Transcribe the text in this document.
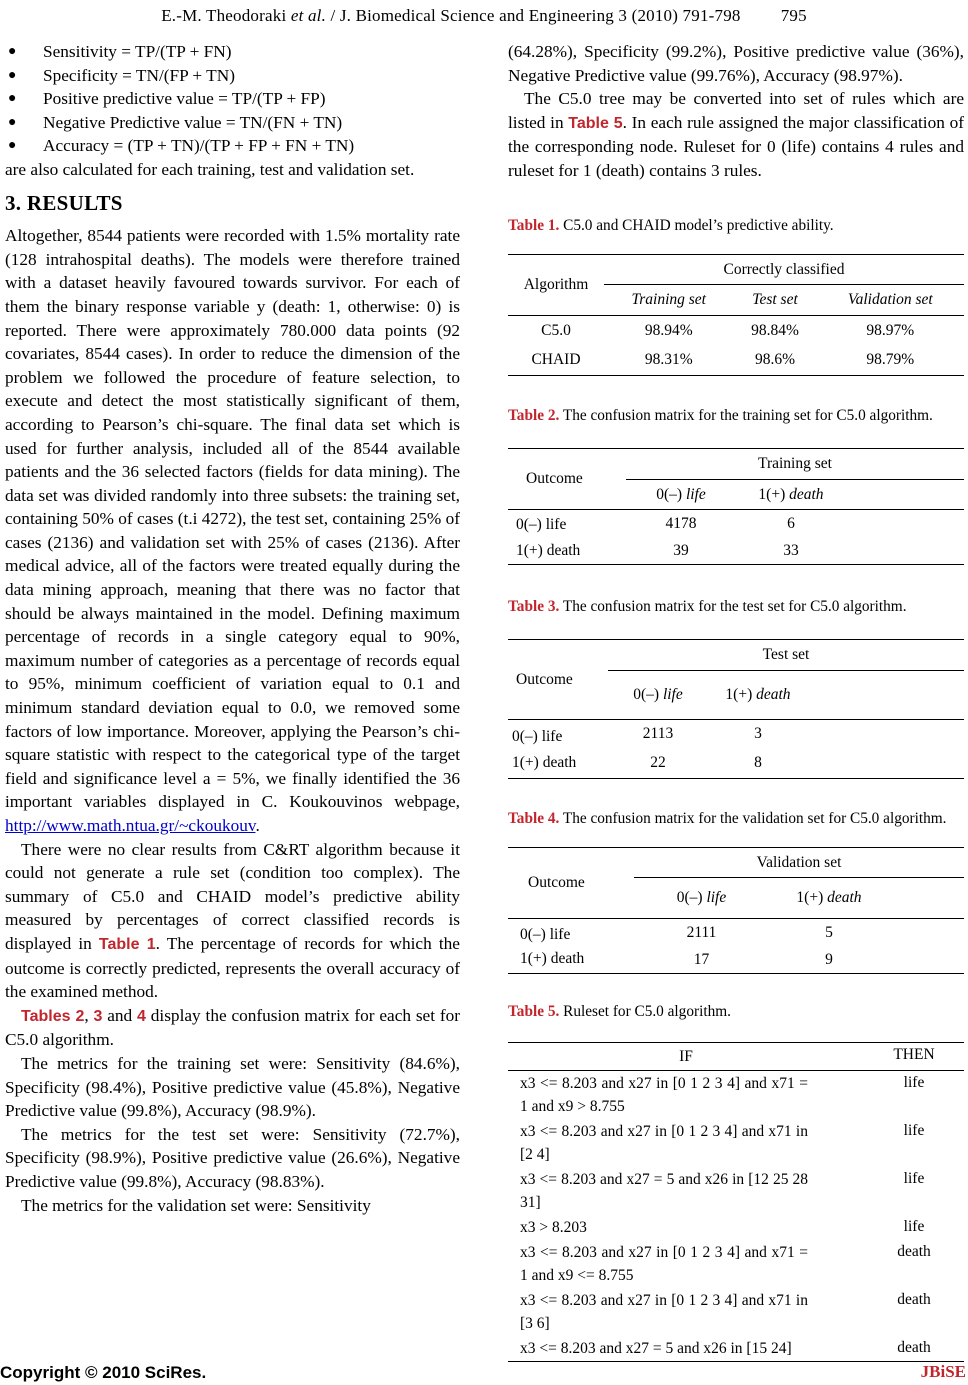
E.-M. Theodoraki et al. / J. Biomedical Science and Engineering 3 (2010) 791-798 795
● Sensitivity = TP/(TP + FN)
● Specificity = TN/(FP + TN)
● Positive predictive value = TP/(TP + FP)
● Negative Predictive value = TN/(FN + TN)
● Accuracy = (TP + TN)/(TP + FP + FN + TN)

are also calculated for each training, test and validation set.

3. RESULTS

Altogether, 8544 patients were recorded with 1.5% mortality rate (128 intrahospital deaths). The models were therefore trained with a dataset heavily favoured towards survivor. For each of them the binary response variable y (death: 1, otherwise: 0) is reported. There were approximately 780.000 data points (92 covariates, 8544 cases). In order to reduce the dimension of the problem we followed the procedure of feature selection, to execute and detect the most statistically significant of them, according to Pearson’s chi-square. The final data set which is used for further analysis, included all of the 8544 available patients and the 36 selected factors (fields for data mining). The data set was divided randomly into three subsets: the training set, containing 50% of cases (t.i 4272), the test set, containing 25% of cases (2136) and validation set with 25% of cases (2136). After medical advice, all of the factors were treated equally during the data mining approach, meaning that there was no factor that should be always maintained in the model. Defining maximum percentage of records in a single category equal to 90%, maximum number of categories as a percentage of records equal to 95%, minimum coefficient of variation equal to 0.1 and minimum standard deviation equal to 0.0, we removed some factors of low importance. Moreover, applying the Pearson’s chi-square statistic with respect to the categorical type of the target field and significance level a = 5%, we finally identified the 36 important variables displayed in C. Koukouvinos webpage, http://www.math.ntua.gr/~ckoukouv.

There were no clear results from C&RT algorithm because it could not generate a rule set (condition too complex). The summary of C5.0 and CHAID model’s predictive ability measured by percentages of correct classified records is displayed in Table 1. The percentage of records for which the outcome is correctly predicted, represents the overall accuracy of the examined method.

Tables 2, 3 and 4 display the confusion matrix for each set for C5.0 algorithm.

The metrics for the training set were: Sensitivity (84.6%), Specificity (98.4%), Positive predictive value (45.8%), Negative Predictive value (99.8%), Accuracy (98.9%).

The metrics for the test set were: Sensitivity (72.7%), Specificity (98.9%), Positive predictive value (26.6%), Negative Predictive value (99.8%), Accuracy (98.83%).

The metrics for the validation set were: Sensitivity

(64.28%), Specificity (99.2%), Positive predictive value (36%), Negative Predictive value (99.76%), Accuracy (98.97%).

The C5.0 tree may be converted into set of rules which are listed in Table 5. In each rule assigned the major classification of the corresponding node. Ruleset for 0 (life) contains 4 rules and ruleset for 1 (death) contains 3 rules.

Table 1. C5.0 and CHAID model’s predictive ability.
Algorithm	Correctly classified		
	Training set	Test set	Validation set
C5.0	98.94%	98.84%	98.97%
CHAID	98.31%	98.6%	98.79%
Table 2. The confusion matrix for the training set for C5.0 algorithm.
Outcome	Training set		
	0(–) life	1(+) death	
0(–) life	4178	6	
1(+) death	39	33	
Table 3. The confusion matrix for the test set for C5.0 algorithm.
Outcome	Test set		
	0(–) life	1(+) death	
0(–) life	2113	3	
1(+) death	22	8	
Table 4. The confusion matrix for the validation set for C5.0 algorithm.
Outcome	Validation set		
	0(–) life	1(+) death	
0(–) life	2111	5	
1(+) death	17	9	
Table 5. Ruleset for C5.0 algorithm.
IF	THEN
x3 <= 8.203 and x27 in [0 1 2 3 4] and x71 = 1 and x9 > 8.755	life
x3 <= 8.203 and x27 in [0 1 2 3 4] and x71 in [2 4]	life
x3 <= 8.203 and x27 = 5 and x26 in [12 25 28 31]	life
x3 > 8.203	life
x3 <= 8.203 and x27 in [0 1 2 3 4] and x71 = 1 and x9 <= 8.755	death
x3 <= 8.203 and x27 in [0 1 2 3 4] and x71 in [3 6]	death
x3 <= 8.203 and x27 = 5 and x26 in [15 24]	death
Copyright © 2010 SciRes.	JBiSE
